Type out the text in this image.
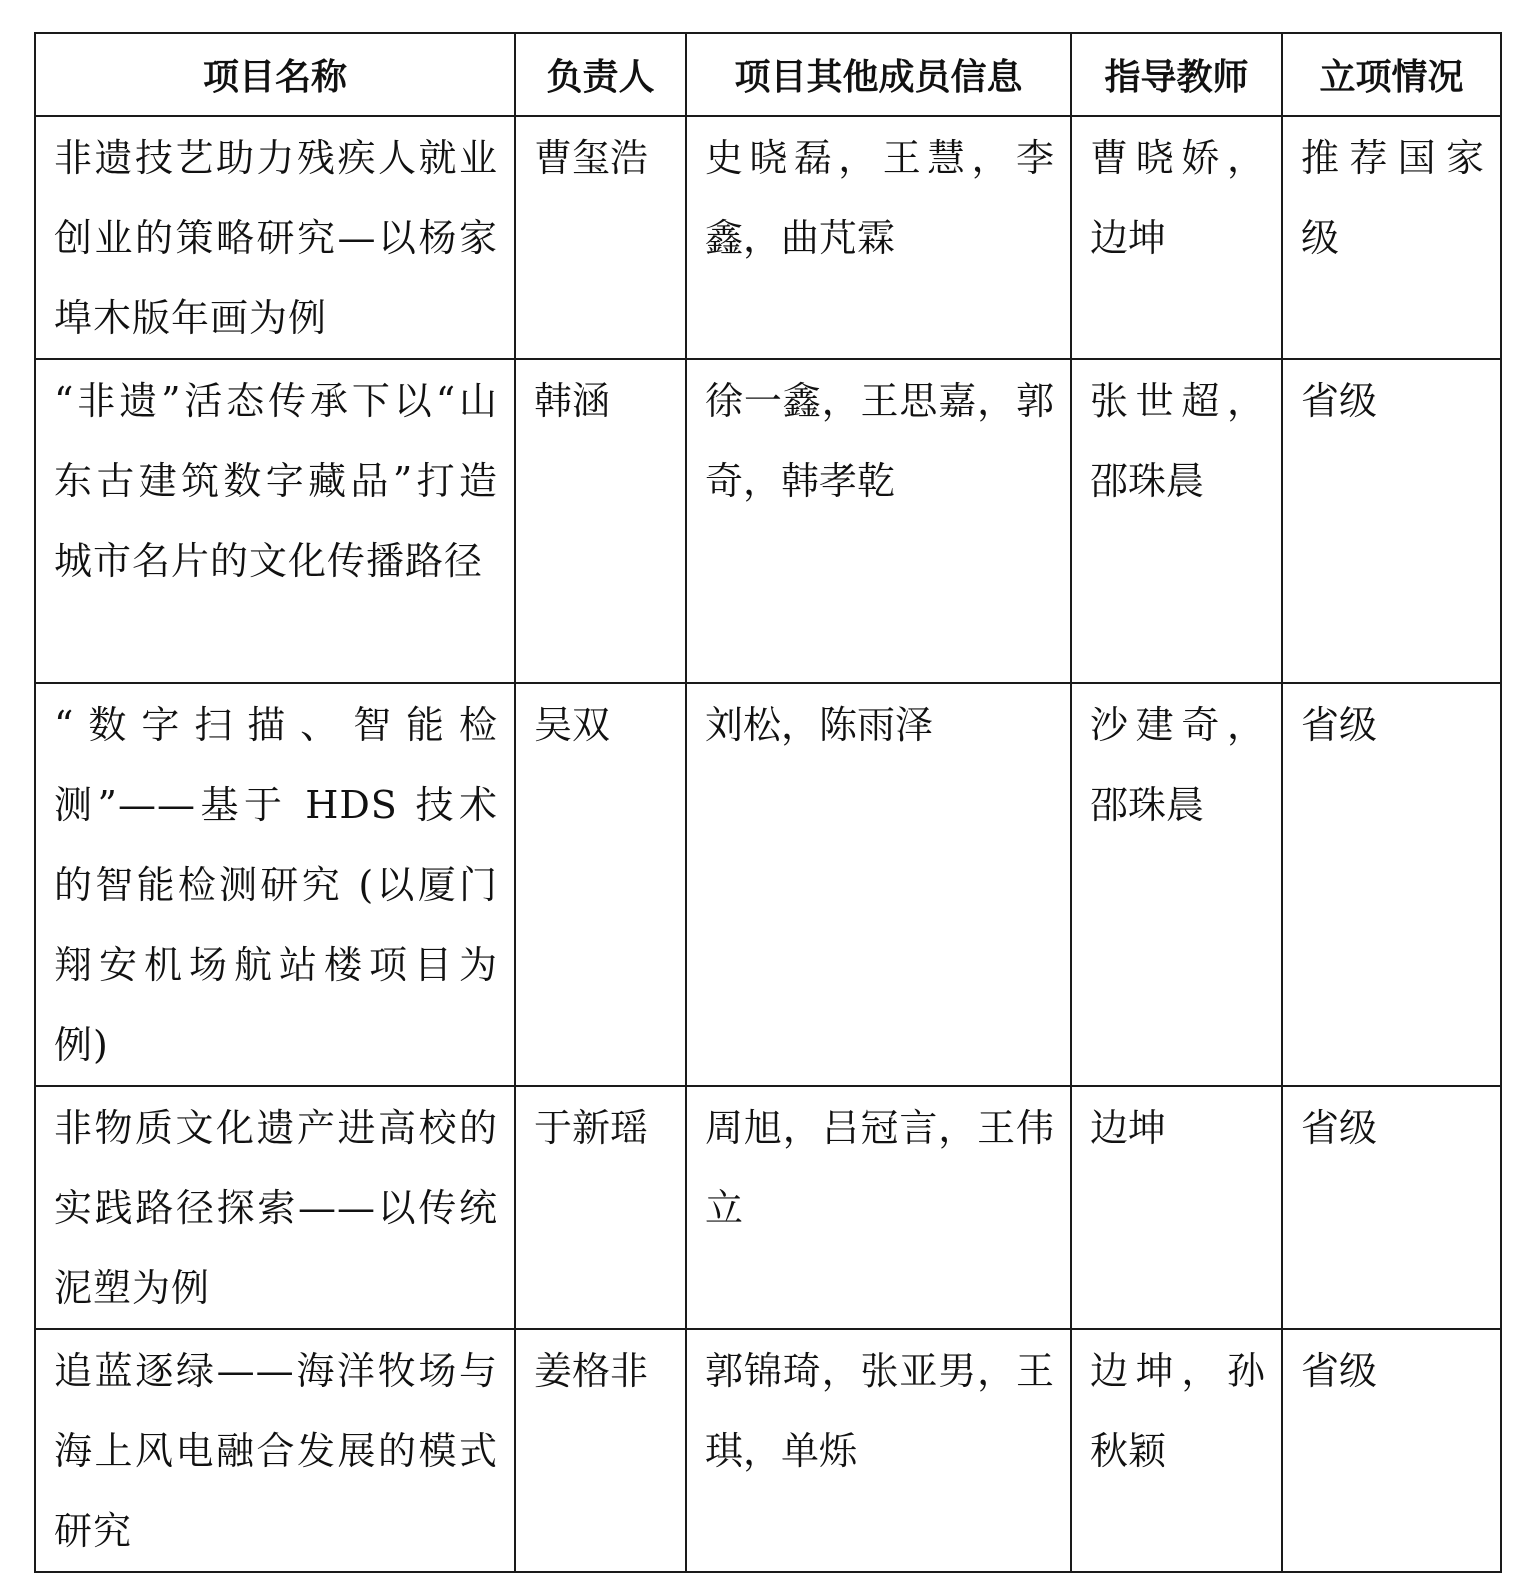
项目名称	负责人	项目其他成员信息	指导教师	立项情况
非遗技艺助力残疾人就业创业的策略研究—以杨家埠木版年画为例	曹玺浩	史晓磊，王慧，李鑫，曲芃霖	曹晓娇，边坤	推荐国家级
“非遗”活态传承下以“山东古建筑数字藏品”打造城市名片的文化传播路径	韩涵	徐一鑫，王思嘉，郭奇，韩孝乾	张世超，邵珠晨	省级
“数字扫描、智能检测”——基于 HDS 技术的智能检测研究 (以厦门翔安机场航站楼项目为例)	吴双	刘松，陈雨泽	沙建奇，邵珠晨	省级
非物质文化遗产进高校的实践路径探索——以传统泥塑为例	于新瑶	周旭，吕冠言，王伟立	边坤	省级
追蓝逐绿——海洋牧场与海上风电融合发展的模式研究	姜格非	郭锦琦，张亚男，王琪，单烁	边坤，孙秋颖	省级
